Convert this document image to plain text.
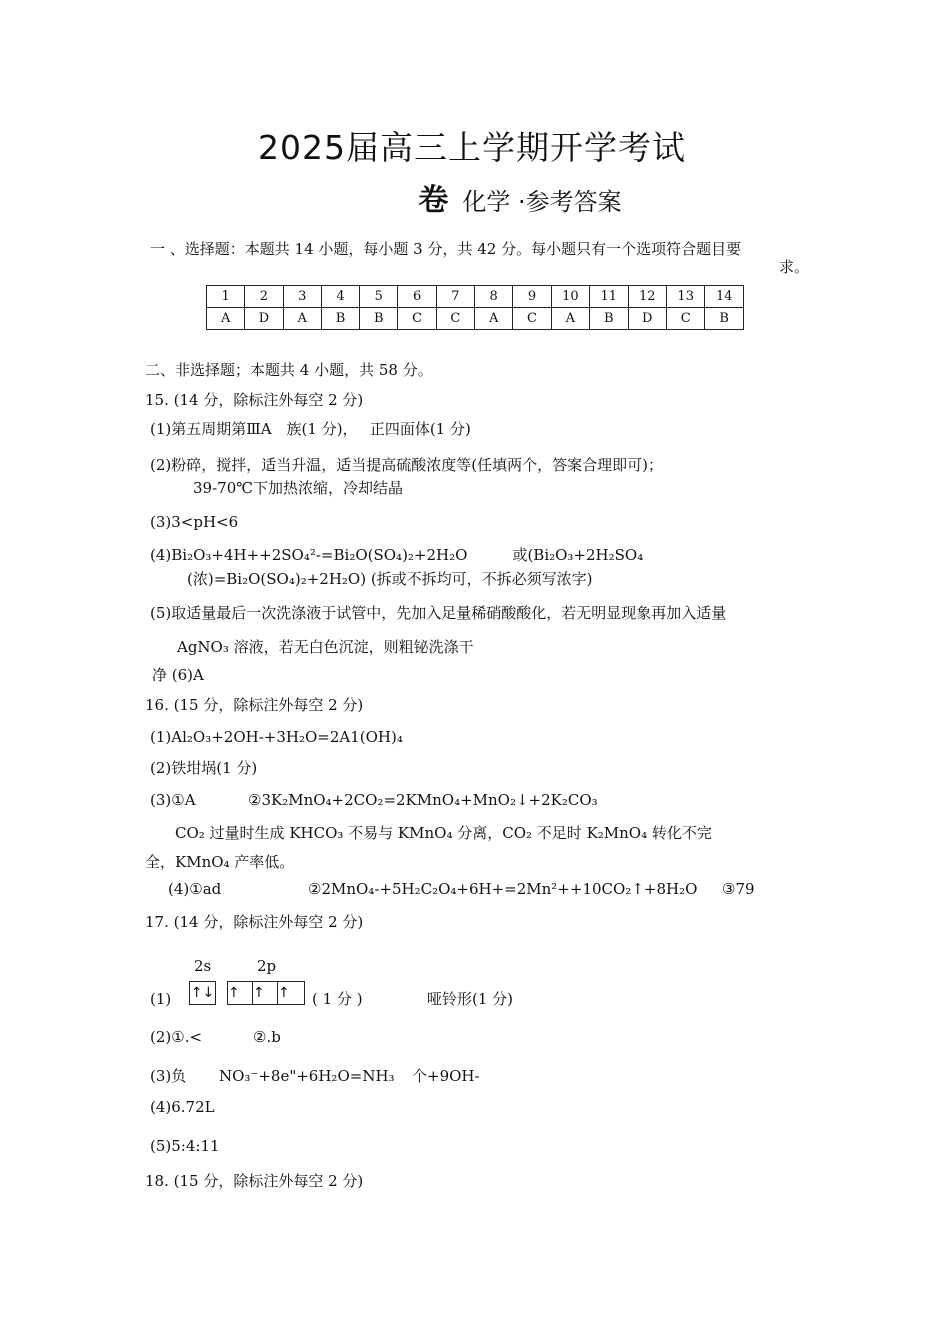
2025届高三上学期开学考试
卷 化学 ·参考答案
一 、选择题：本题共 14 小题，每小题 3 分，共 42 分。每小题只有一个选项符合题目要
求。
1	2	3	4	5	6	7	8	9	10	11	12	13	14
A	D	A	B	B	C	C	A	C	A	B	D	C	B
二、非选择题；本题共 4 小题，共 58 分。
15. (14 分，除标注外每空 2 分)
(1)第五周期第ⅢA　族(1 分)，　 正四面体(1 分)
(2)粉碎，搅拌，适当升温，适当提高硫酸浓度等(任填两个，答案合理即可)；
39-70℃下加热浓缩，冷却结晶
(3)3<pH<6
(4)Bi₂O₃+4H++2SO₄²-=Bi₂O(SO₄)₂+2H₂O　　　或(Bi₂O₃+2H₂SO₄
(浓)=Bi₂O(SO₄)₂+2H₂O) (拆或不拆均可，不拆必须写浓字)
(5)取适量最后一次洗涤液于试管中，先加入足量稀硝酸酸化，若无明显现象再加入适量
AgNO₃ 溶液，若无白色沉淀，则粗铋洗涤干
净 (6)A
16. (15 分，除标注外每空 2 分)
(1)Al₂O₃+2OH-+3H₂O=2A1(OH)₄
(2)铁坩埚(1 分)
(3)①A	②3K₂MnO₄+2CO₂=2KMnO₄+MnO₂↓+2K₂CO₃
CO₂ 过量时生成 KHCO₃ 不易与 KMnO₄ 分离，CO₂ 不足时 K₂MnO₄ 转化不完
全，KMnO₄ 产率低。
(4)①ad	②2MnO₄-+5H₂C₂O₄+6H+=2Mn²++10CO₂↑+8H₂O ③79
17. (14 分，除标注外每空 2 分)
2s	2p
(1) ↑↓ ↑ ↑ ↑	( 1 分 )	哑铃形(1 分)
(2)①.<	②.b
(3)负 NO₃⁻+8e"+6H₂O=NH₃ 个+9OH-
(4)6.72L
(5)5:4:11
18. (15 分，除标注外每空 2 分)
